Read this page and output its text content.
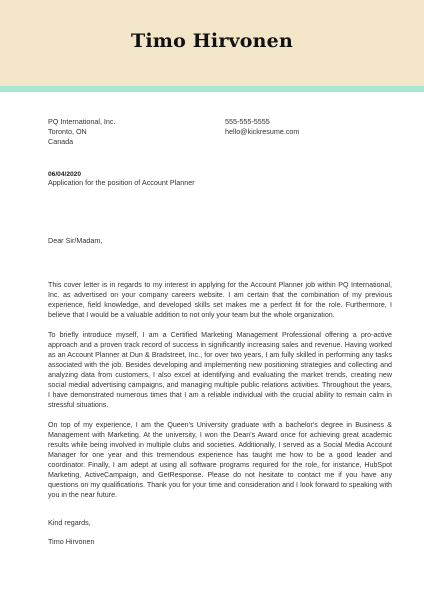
Timo Hirvonen
PQ International, Inc.
Toronto, ON
Canada
555-555-5555
hello@kickresume.com
06/04/2020
Application for the position of Account Planner
Dear Sir/Madam,

This cover letter is in regards to my interest in applying for the Account Planner job within PQ International, Inc. as advertised on your company careers website. I am certain that the combination of my previous experience, field knowledge, and developed skills set makes me a perfect fit for the role. Furthermore, I believe that I would be a valuable addition to not only your team but the whole organization.

To briefly introduce myself, I am a Certified Marketing Management Professional offering a pro-active approach and a proven track record of success in significantly increasing sales and revenue. Having worked as an Account Planner at Dun & Bradstreet, Inc., for over two years, I am fully skilled in performing any tasks associated with the job. Besides developing and implementing new positioning strategies and collecting and analyzing data from customers, I also excel at identifying and evaluating the market trends, creating new social medial advertising campaigns, and managing multiple public relations activities. Throughout the years, I have demonstrated numerous times that I am a reliable individual with the crucial ability to remain calm in stressful situations.

On top of my experience, I am the Queen's University graduate with a bachelor's degree in Business & Management with Marketing. At the university, I won the Dean's Award once for achieving great academic results while being involved in multiple clubs and societies. Additionally, I served as a Social Media Account Manager for one year and this tremendous experience has taught me how to be a good leader and coordinator. Finally, I am adept at using all software programs required for the role, for instance, HubSpot Marketing, ActiveCampaign, and GetResponse. Please do not hesitate to contact me if you have any questions on my qualifications. Thank you for your time and consideration and I look forward to speaking with you in the near future.

Kind regards,
Timo Hirvonen
